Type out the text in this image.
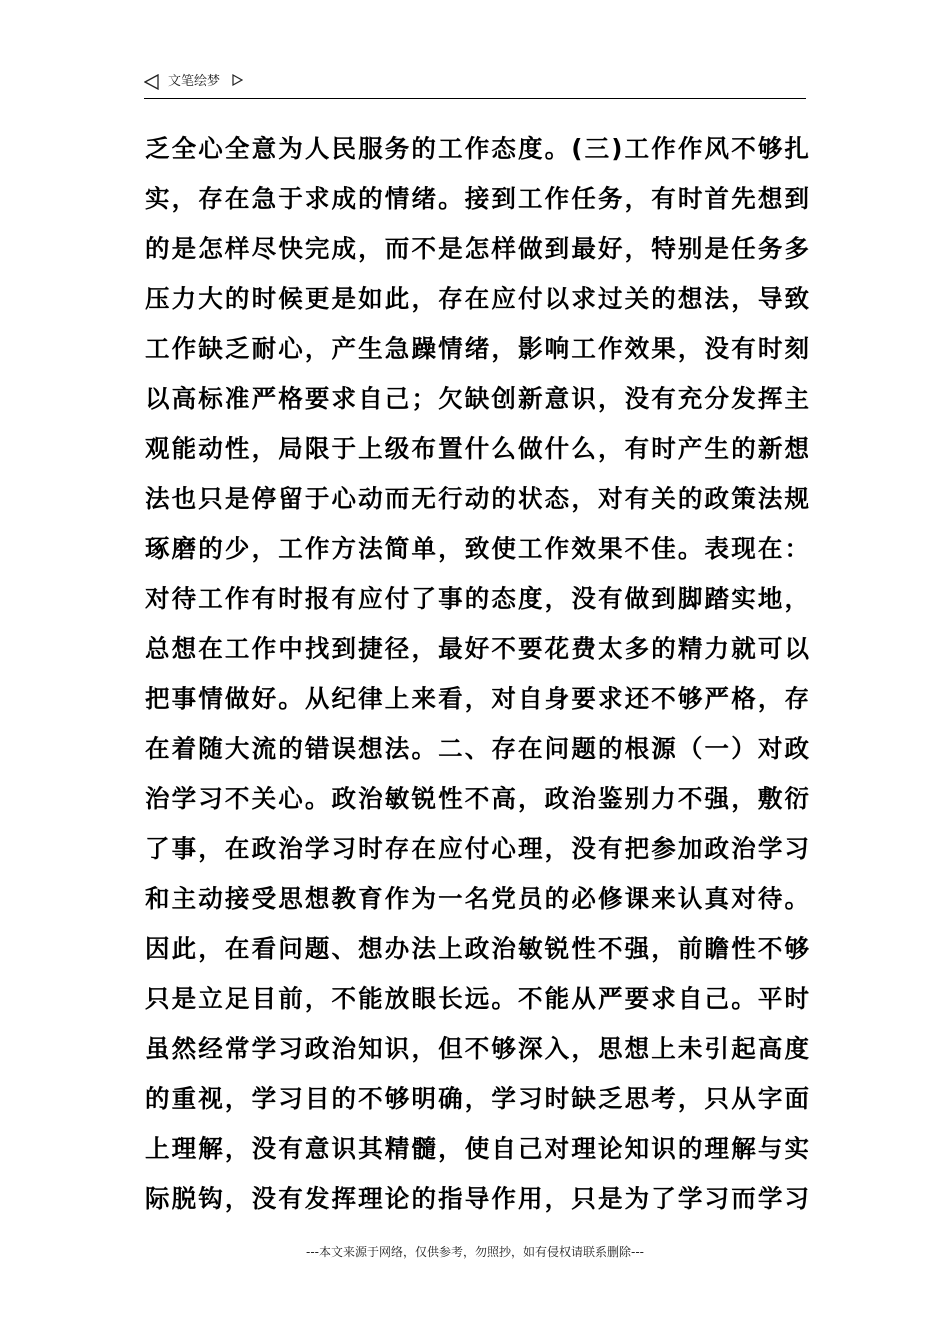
文笔绘梦
乏全心全意为人民服务的工作态度。(三)工作作风不够扎
实，存在急于求成的情绪。接到工作任务，有时首先想到
的是怎样尽快完成，而不是怎样做到最好，特别是任务多
压力大的时候更是如此，存在应付以求过关的想法，导致
工作缺乏耐心，产生急躁情绪，影响工作效果，没有时刻
以高标准严格要求自己；欠缺创新意识，没有充分发挥主
观能动性，局限于上级布置什么做什么，有时产生的新想
法也只是停留于心动而无行动的状态，对有关的政策法规
琢磨的少，工作方法简单，致使工作效果不佳。表现在：
对待工作有时报有应付了事的态度，没有做到脚踏实地，
总想在工作中找到捷径，最好不要花费太多的精力就可以
把事情做好。从纪律上来看，对自身要求还不够严格，存
在着随大流的错误想法。二、存在问题的根源（一）对政
治学习不关心。政治敏锐性不高，政治鉴别力不强，敷衍
了事，在政治学习时存在应付心理，没有把参加政治学习
和主动接受思想教育作为一名党员的必修课来认真对待。
因此，在看问题、想办法上政治敏锐性不强，前瞻性不够
只是立足目前，不能放眼长远。不能从严要求自己。平时
虽然经常学习政治知识，但不够深入，思想上未引起高度
的重视，学习目的不够明确，学习时缺乏思考，只从字面
上理解，没有意识其精髓，使自己对理论知识的理解与实
际脱钩，没有发挥理论的指导作用，只是为了学习而学习
---本文来源于网络，仅供参考，勿照抄，如有侵权请联系删除---
